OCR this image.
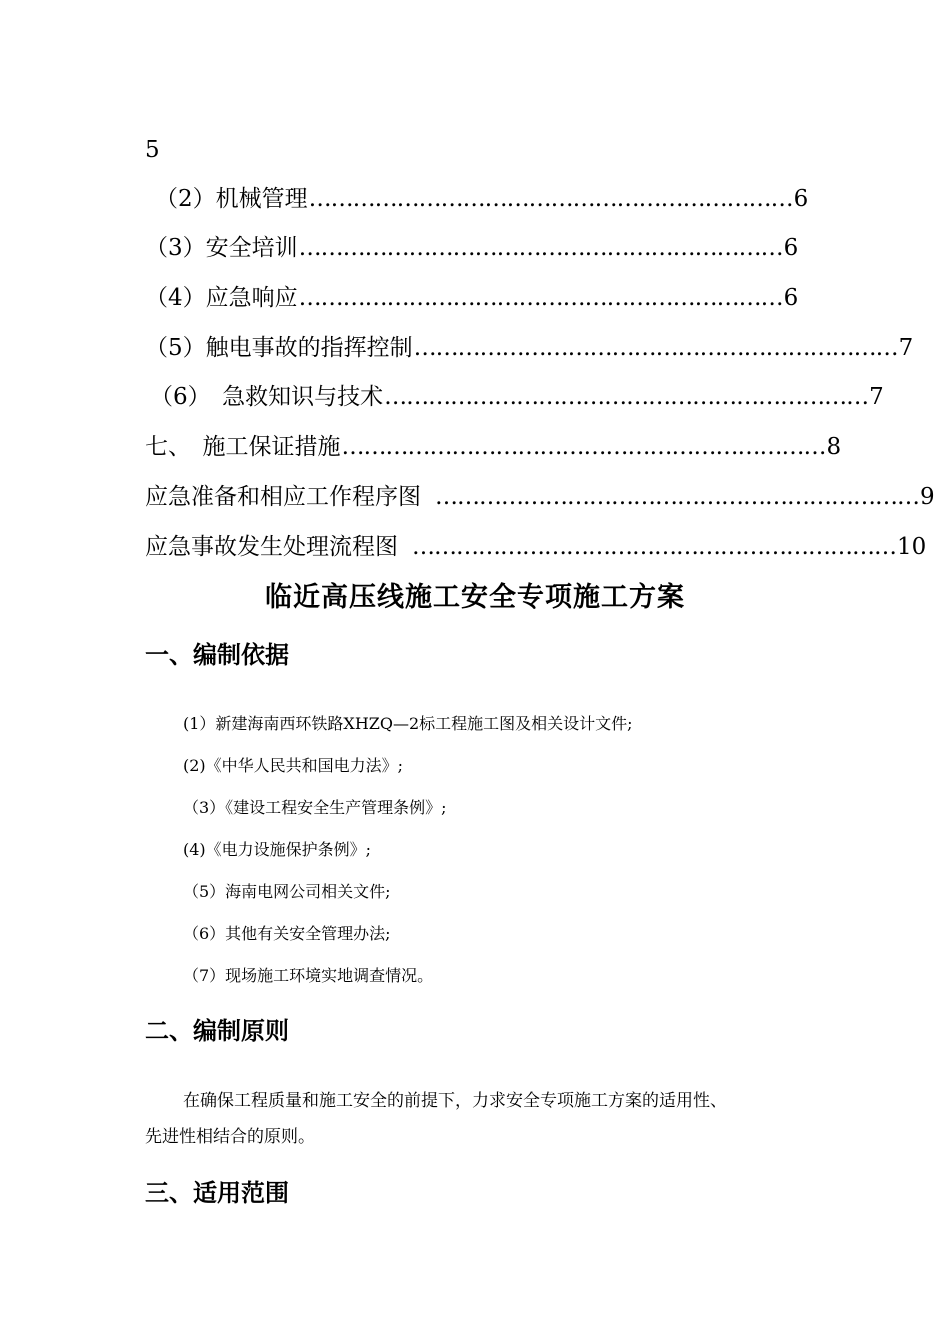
5
（2）机械管理 ………………………………………………………… 6
（3）安全培训 ………………………………………………………… 6
（4）应急响应 ………………………………………………………… 6
（5）触电事故的指挥控制 ………………………………………………………… 7
（6）　急救知识与技术 ………………………………………………………… 7
七、　施工保证措施 ………………………………………………………… 8
应急准备和相应工作程序图 ………………………………………………………… 9
应急事故发生处理流程图 ………………………………………………………… 10
临近高压线施工安全专项施工方案
一、编制依据
(1）新建海南西环铁路XHZQ—2标工程施工图及相关设计文件;
(2)《中华人民共和国电力法》;
（3）《建设工程安全生产管理条例》;
(4)《电力设施保护条例》;
（5）海南电网公司相关文件;
（6）其他有关安全管理办法;
（7）现场施工环境实地调查情况。
二、编制原则
在确保工程质量和施工安全的前提下，力求安全专项施工方案的适用性、
先进性相结合的原则。
三、适用范围
